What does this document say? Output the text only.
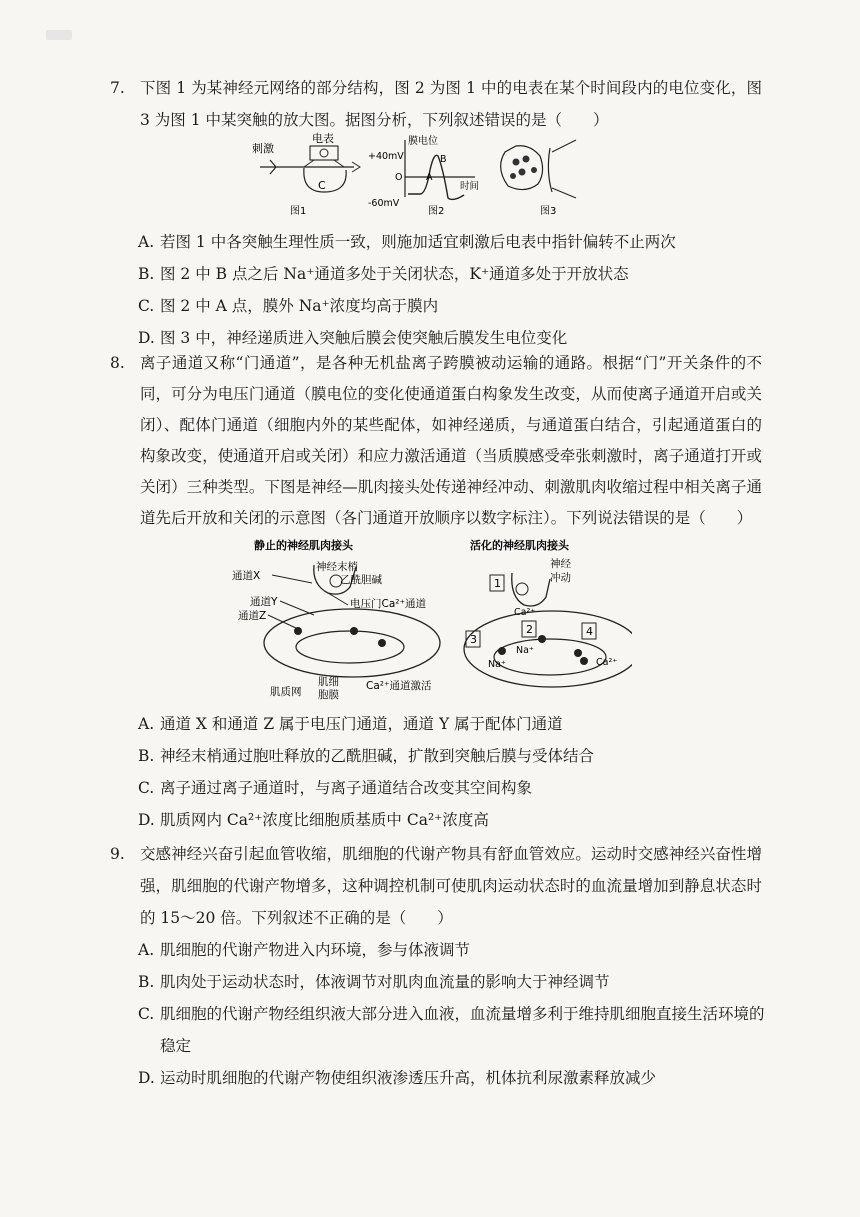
7. 下图 1 为某神经元网络的部分结构，图 2 为图 1 中的电表在某个时间段内的电位变化，图 3 为图 1 中某突触的放大图。据图分析，下列叙述错误的是（　　）
刺激
电表
C
图1
膜电位
+40mV
O
-60mV
时间
A
B
图2	图3
A. 若图 1 中各突触生理性质一致，则施加适宜刺激后电表中指针偏转不止两次
B. 图 2 中 B 点之后 Na⁺通道多处于关闭状态，K⁺通道多处于开放状态
C. 图 2 中 A 点，膜外 Na⁺浓度均高于膜内
D. 图 3 中，神经递质进入突触后膜会使突触后膜发生电位变化
8. 离子通道又称“门通道”，是各种无机盐离子跨膜被动运输的通路。根据“门”开关条件的不同，可分为电压门通道（膜电位的变化使通道蛋白构象发生改变，从而使离子通道开启或关闭）、配体门通道（细胞内外的某些配体，如神经递质，与通道蛋白结合，引起通道蛋白的构象改变，使通道开启或关闭）和应力激活通道（当质膜感受牵张刺激时，离子通道打开或关闭）三种类型。下图是神经—肌肉接头处传递神经冲动、刺激肌肉收缩过程中相关离子通道先后开放和关闭的示意图（各门通道开放顺序以数字标注）。下列说法错误的是（　　）
静止的神经肌肉接头
神经末梢
乙酰胆碱
通道X
通道Y
通道Z
电压门Ca²⁺通道
肌质网
肌细
胞膜
Ca²⁺通道激活
活化的神经肌肉接头
神经
冲动
1
Ca²⁺
2
Na⁺
3
Na⁺
4
Ca²⁺
A. 通道 X 和通道 Z 属于电压门通道，通道 Y 属于配体门通道
B. 神经末梢通过胞吐释放的乙酰胆碱，扩散到突触后膜与受体结合
C. 离子通过离子通道时，与离子通道结合改变其空间构象
D. 肌质网内 Ca²⁺浓度比细胞质基质中 Ca²⁺浓度高
9. 交感神经兴奋引起血管收缩，肌细胞的代谢产物具有舒血管效应。运动时交感神经兴奋性增强，肌细胞的代谢产物增多，这种调控机制可使肌肉运动状态时的血流量增加到静息状态时的 15～20 倍。下列叙述不正确的是（　　）
A. 肌细胞的代谢产物进入内环境，参与体液调节
B. 肌肉处于运动状态时，体液调节对肌肉血流量的影响大于神经调节
C. 肌细胞的代谢产物经组织液大部分进入血液，血流量增多利于维持肌细胞直接生活环境的稳定
D. 运动时肌细胞的代谢产物使组织液渗透压升高，机体抗利尿激素释放减少
